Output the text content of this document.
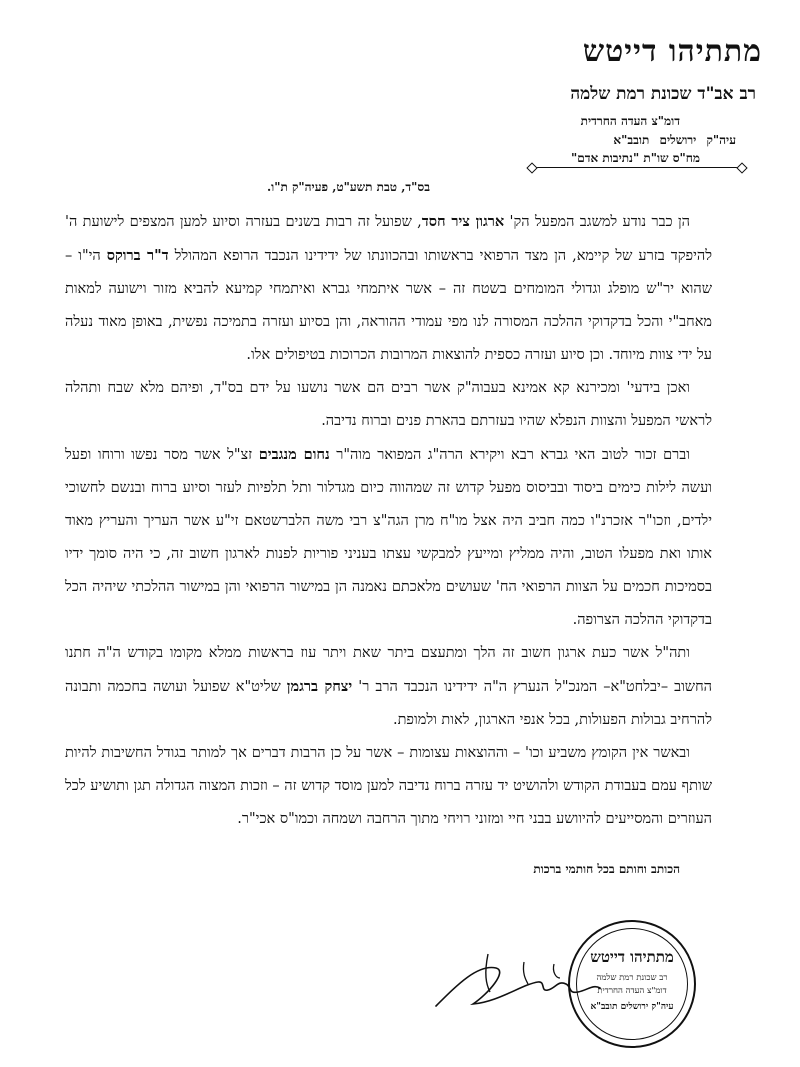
מתתיהו דייטש
רב אב"ד שכונת רמת שלמה
דומ"צ העדה החרדית
עיה"ק ירושלים תובב"א
מח"ס שו"ת "נתיבות אדם"
בס"ד, טבת תשע"ט, פעיה"ק ת"ו.

הן כבר נודע למשגב המפעל הק' ארגון ציר חסד, שפועל זה רבות בשנים בעזרה וסיוע למען המצפים לישועת ה' להיפקד בזרע של קיימא, הן מצד הרפואי בראשותו ובהכוונתו של ידידינו הנכבד הרופא המהולל ד"ר ברוקס הי"ו – שהוא יר"ש מופלג וגדולי המומחים בשטח זה – אשר איתמחי גברא ואיתמחי קמיעא להביא מזור וישועה למאות מאחב"י והכל בדקדוקי ההלכה המסורה לנו מפי עמודי ההוראה, והן בסיוע ועזרה בתמיכה נפשית, באופן מאוד נעלה על ידי צוות מיוחד. וכן סיוע ועזרה כספית להוצאות המרובות הכרוכות בטיפולים אלו.

ואכן בידעי' ומכירנא קא אמינא בעבוה"ק אשר רבים הם אשר נושעו על ידם בס"ד, ופיהם מלא שבח ותהלה לראשי המפעל והצוות הנפלא שהיו בעזרתם בהארת פנים וברוח נדיבה.

וברם זכור לטוב האי גברא רבא ויקירא הרה"ג המפואר מוה"ר נחום מנגבים זצ"ל אשר מסר נפשו ורוחו ופעל ועשה לילות כימים ביסוד ובביסוס מפעל קדוש זה שמהווה כיום מגדלור ותל תלפיות לעזר וסיוע ברוח ובנשם לחשוכי ילדים, וזכו"ר אזכרנ"ו כמה חביב היה אצל מו"ח מרן הגה"צ רבי משה הלברשטאם זי"ע אשר העריך והעריץ מאוד אותו ואת מפעלו הטוב, והיה ממליץ ומייעץ למבקשי עצתו בעניני פוריות לפנות לארגון חשוב זה, כי היה סומך ידיו בסמיכות חכמים על הצוות הרפואי הח' שעושים מלאכתם נאמנה הן במישור הרפואי והן במישור ההלכתי שיהיה הכל בדקדוקי ההלכה הצרופה.

ותה"ל אשר כעת ארגון חשוב זה הלך ומתעצם ביתר שאת ויתר עוז בראשות ממלא מקומו בקודש ה"ה חתנו החשוב –יבלחט"א– המנכ"ל הנערץ ה"ה ידידינו הנכבד הרב ר' יצחק ברגמן שליט"א שפועל ועושה בחכמה ותבונה להרחיב גבולות הפעולות, בכל אנפי הארגון, לאות ולמופת.

ובאשר אין הקומץ משביע וכו' – וההוצאות עצומות – אשר על כן הרבות דברים אך למותר בגודל החשיבות להיות שותף עמם בעבודת הקודש ולהושיט יד עזרה ברוח נדיבה למען מוסד קדוש זה – וזכות המצוה הגדולה תגן ותושיע לכל העוזרים והמסייעים להיוושע בבני חיי ומזוני רויחי מתוך הרחבה ושמחה וכמו"ס אכי"ר.

הכותב וחותם בכל חותמי ברכות
מתתיהו דייטש
רב שכונת רמת שלמה
דומ"צ העדה החרדית
עיה"ק ירושלים תובב"א
